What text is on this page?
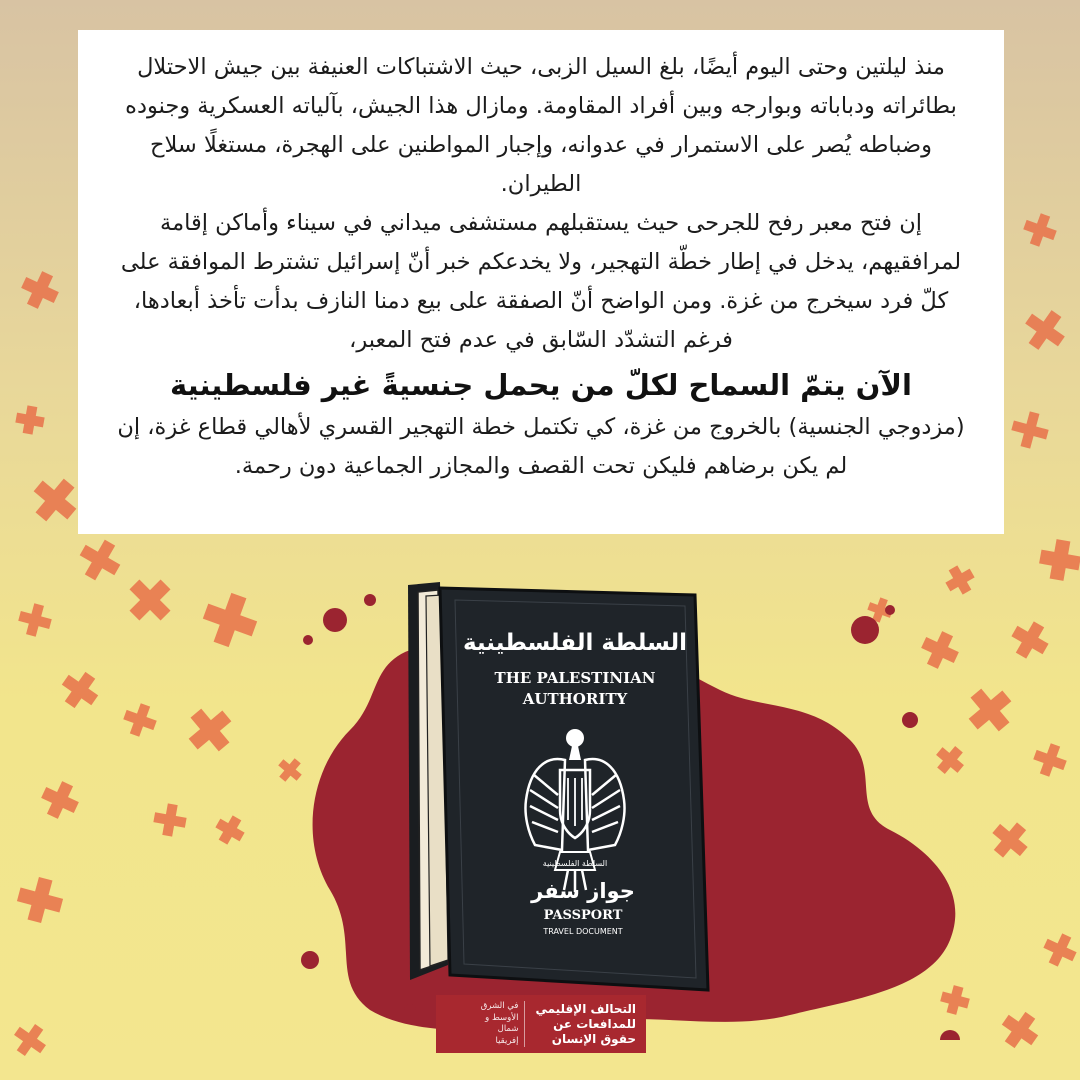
منذ ليلتين وحتى اليوم أيضًا، بلغ السيل الزبى، حيث الاشتباكات العنيفة بين جيش الاحتلال بطائراته ودباباته وبوارجه وبين أفراد المقاومة. ومازال هذا الجيش، بآلياته العسكرية وجنوده وضباطه يُصر على الاستمرار في عدوانه، وإجبار المواطنين على الهجرة، مستغلًا سلاح الطيران.

إن فتح معبر رفح للجرحى حيث يستقبلهم مستشفى ميداني في سيناء وأماكن إقامة لمرافقيهم، يدخل في إطار خطّة التهجير، ولا يخدعكم خبر أنّ إسرائيل تشترط الموافقة على كلّ فرد سيخرج من غزة. ومن الواضح أنّ الصفقة على بيع دمنا النازف بدأت تأخذ أبعادها، فرغم التشدّد السّابق في عدم فتح المعبر،

الآن يتمّ السماح لكلّ من يحمل جنسيةً غير فلسطينية

(مزدوجي الجنسية) بالخروج من غزة، كي تكتمل خطة التهجير القسري لأهالي قطاع غزة، إن لم يكن برضاهم فليكن تحت القصف والمجازر الجماعية دون رحمة.

السلطة الفلسطينية
THE PALESTINIAN
AUTHORITY
السلطة الفلسطينية
جواز سفر
PASSPORT
TRAVEL DOCUMENT
التحالف الإقليمي
للمدافعات عن
حقوق الإنسان
في الشرق
الأوسط و
شمال
إفريقيا
